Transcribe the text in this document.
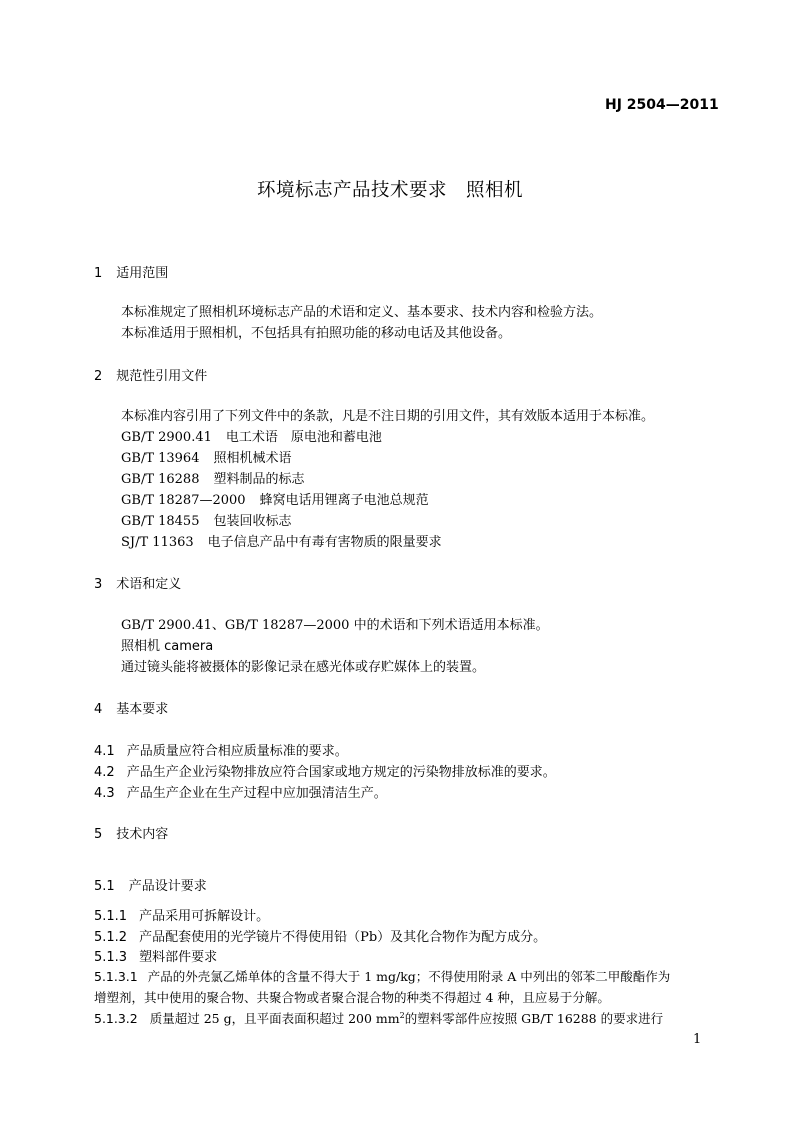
HJ 2504—2011
环境标志产品技术要求　照相机
1 适用范围
本标准规定了照相机环境标志产品的术语和定义、基本要求、技术内容和检验方法。
本标准适用于照相机，不包括具有拍照功能的移动电话及其他设备。
2 规范性引用文件
本标准内容引用了下列文件中的条款，凡是不注日期的引用文件，其有效版本适用于本标准。
GB/T 2900.41 电工术语　原电池和蓄电池
GB/T 13964 照相机械术语
GB/T 16288 塑料制品的标志
GB/T 18287—2000 蜂窝电话用锂离子电池总规范
GB/T 18455 包装回收标志
SJ/T 11363 电子信息产品中有毒有害物质的限量要求
3 术语和定义
GB/T 2900.41、GB/T 18287—2000 中的术语和下列术语适用本标准。
照相机 camera
通过镜头能将被摄体的影像记录在感光体或存贮媒体上的装置。
4 基本要求
4.1 产品质量应符合相应质量标准的要求。
4.2 产品生产企业污染物排放应符合国家或地方规定的污染物排放标准的要求。
4.3 产品生产企业在生产过程中应加强清洁生产。
5 技术内容
5.1 产品设计要求
5.1.1 产品采用可拆解设计。
5.1.2 产品配套使用的光学镜片不得使用铅（Pb）及其化合物作为配方成分。
5.1.3 塑料部件要求
5.1.3.1 产品的外壳氯乙烯单体的含量不得大于 1 mg/kg；不得使用附录 A 中列出的邻苯二甲酸酯作为
增塑剂，其中使用的聚合物、共聚合物或者聚合混合物的种类不得超过 4 种，且应易于分解。
5.1.3.2 质量超过 25 g，且平面表面积超过 200 $mm^2$的塑料零部件应按照 GB/T 16288 的要求进行
1
